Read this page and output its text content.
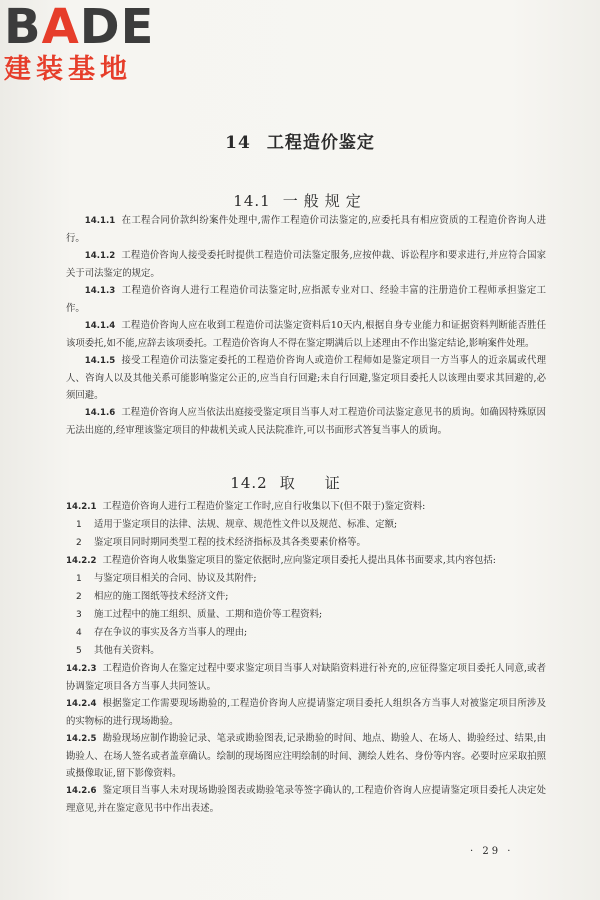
BADE
建装基地
14 工程造价鉴定
14.1 一般规定

14.1.1 在工程合同价款纠纷案件处理中,需作工程造价司法鉴定的,应委托具有相应资质的工程造价咨询人进行。

14.1.2 工程造价咨询人接受委托时提供工程造价司法鉴定服务,应按仲裁、诉讼程序和要求进行,并应符合国家关于司法鉴定的规定。

14.1.3 工程造价咨询人进行工程造价司法鉴定时,应指派专业对口、经验丰富的注册造价工程师承担鉴定工作。

14.1.4 工程造价咨询人应在收到工程造价司法鉴定资料后10天内,根据自身专业能力和证据资料判断能否胜任该项委托,如不能,应辞去该项委托。工程造价咨询人不得在鉴定期满后以上述理由不作出鉴定结论,影响案件处理。

14.1.5 接受工程造价司法鉴定委托的工程造价咨询人或造价工程师如是鉴定项目一方当事人的近亲属或代理人、咨询人以及其他关系可能影响鉴定公正的,应当自行回避;未自行回避,鉴定项目委托人以该理由要求其回避的,必须回避。

14.1.6 工程造价咨询人应当依法出庭接受鉴定项目当事人对工程造价司法鉴定意见书的质询。如确因特殊原因无法出庭的,经审理该鉴定项目的仲裁机关或人民法院准许,可以书面形式答复当事人的质询。

14.2 取证

14.2.1 工程造价咨询人进行工程造价鉴定工作时,应自行收集以下(但不限于)鉴定资料:

1 适用于鉴定项目的法律、法规、规章、规范性文件以及规范、标准、定额;

2 鉴定项目同时期同类型工程的技术经济指标及其各类要素价格等。

14.2.2 工程造价咨询人收集鉴定项目的鉴定依据时,应向鉴定项目委托人提出具体书面要求,其内容包括:

1 与鉴定项目相关的合同、协议及其附件;

2 相应的施工图纸等技术经济文件;

3 施工过程中的施工组织、质量、工期和造价等工程资料;

4 存在争议的事实及各方当事人的理由;

5 其他有关资料。

14.2.3 工程造价咨询人在鉴定过程中要求鉴定项目当事人对缺陷资料进行补充的,应征得鉴定项目委托人同意,或者协调鉴定项目各方当事人共同签认。

14.2.4 根据鉴定工作需要现场勘验的,工程造价咨询人应提请鉴定项目委托人组织各方当事人对被鉴定项目所涉及的实物标的进行现场勘验。

14.2.5 勘验现场应制作勘验记录、笔录或勘验图表,记录勘验的时间、地点、勘验人、在场人、勘验经过、结果,由勘验人、在场人签名或者盖章确认。绘制的现场图应注明绘制的时间、测绘人姓名、身份等内容。必要时应采取拍照或摄像取证,留下影像资料。

14.2.6 鉴定项目当事人未对现场勘验图表或勘验笔录等签字确认的,工程造价咨询人应提请鉴定项目委托人决定处理意见,并在鉴定意见书中作出表述。

· 29 ·
